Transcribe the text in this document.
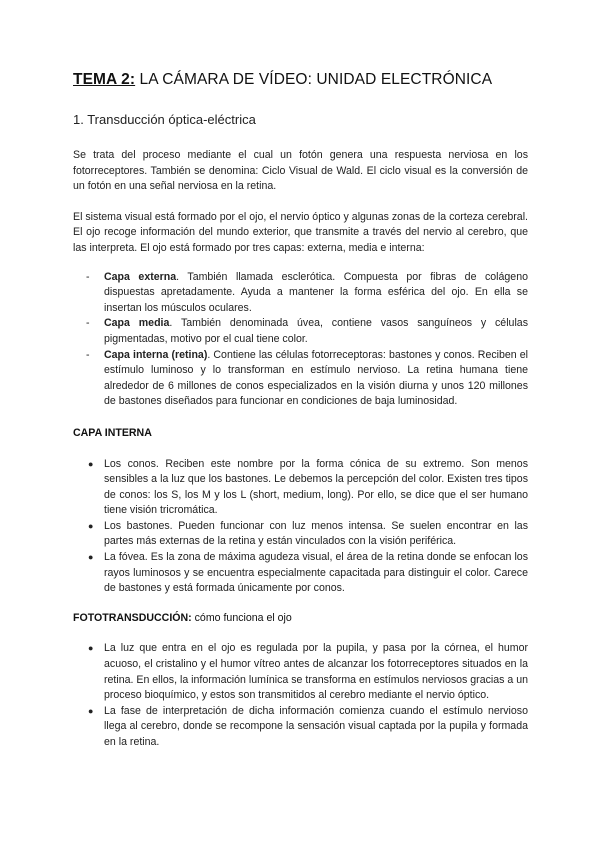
TEMA 2: LA CÁMARA DE VÍDEO: UNIDAD ELECTRÓNICA
1. Transducción óptica-eléctrica

Se trata del proceso mediante el cual un fotón genera una respuesta nerviosa en los fotorreceptores. También se denomina: Ciclo Visual de Wald. El ciclo visual es la conversión de un fotón en una señal nerviosa en la retina.

El sistema visual está formado por el ojo, el nervio óptico y algunas zonas de la corteza cerebral. El ojo recoge información del mundo exterior, que transmite a través del nervio al cerebro, que las interpreta. El ojo está formado por tres capas: externa, media e interna:

- Capa externa. También llamada esclerótica. Compuesta por fibras de colágeno dispuestas apretadamente. Ayuda a mantener la forma esférica del ojo. En ella se insertan los músculos oculares.
- Capa media. También denominada úvea, contiene vasos sanguíneos y células pigmentadas, motivo por el cual tiene color.
- Capa interna (retina). Contiene las células fotorreceptoras: bastones y conos. Reciben el estímulo luminoso y lo transforman en estímulo nervioso. La retina humana tiene alrededor de 6 millones de conos especializados en la visión diurna y unos 120 millones de bastones diseñados para funcionar en condiciones de baja luminosidad.
CAPA INTERNA
● Los conos. Reciben este nombre por la forma cónica de su extremo. Son menos sensibles a la luz que los bastones. Le debemos la percepción del color. Existen tres tipos de conos: los S, los M y los L (short, medium, long). Por ello, se dice que el ser humano tiene visión tricromática.
● Los bastones. Pueden funcionar con luz menos intensa. Se suelen encontrar en las partes más externas de la retina y están vinculados con la visión periférica.
● La fóvea. Es la zona de máxima agudeza visual, el área de la retina donde se enfocan los rayos luminosos y se encuentra especialmente capacitada para distinguir el color. Carece de bastones y está formada únicamente por conos.
FOTOTRANSDUCCIÓN: cómo funciona el ojo
● La luz que entra en el ojo es regulada por la pupila, y pasa por la córnea, el humor acuoso, el cristalino y el humor vítreo antes de alcanzar los fotorreceptores situados en la retina. En ellos, la información lumínica se transforma en estímulos nerviosos gracias a un proceso bioquímico, y estos son transmitidos al cerebro mediante el nervio óptico.
● La fase de interpretación de dicha información comienza cuando el estímulo nervioso llega al cerebro, donde se recompone la sensación visual captada por la pupila y formada en la retina.
